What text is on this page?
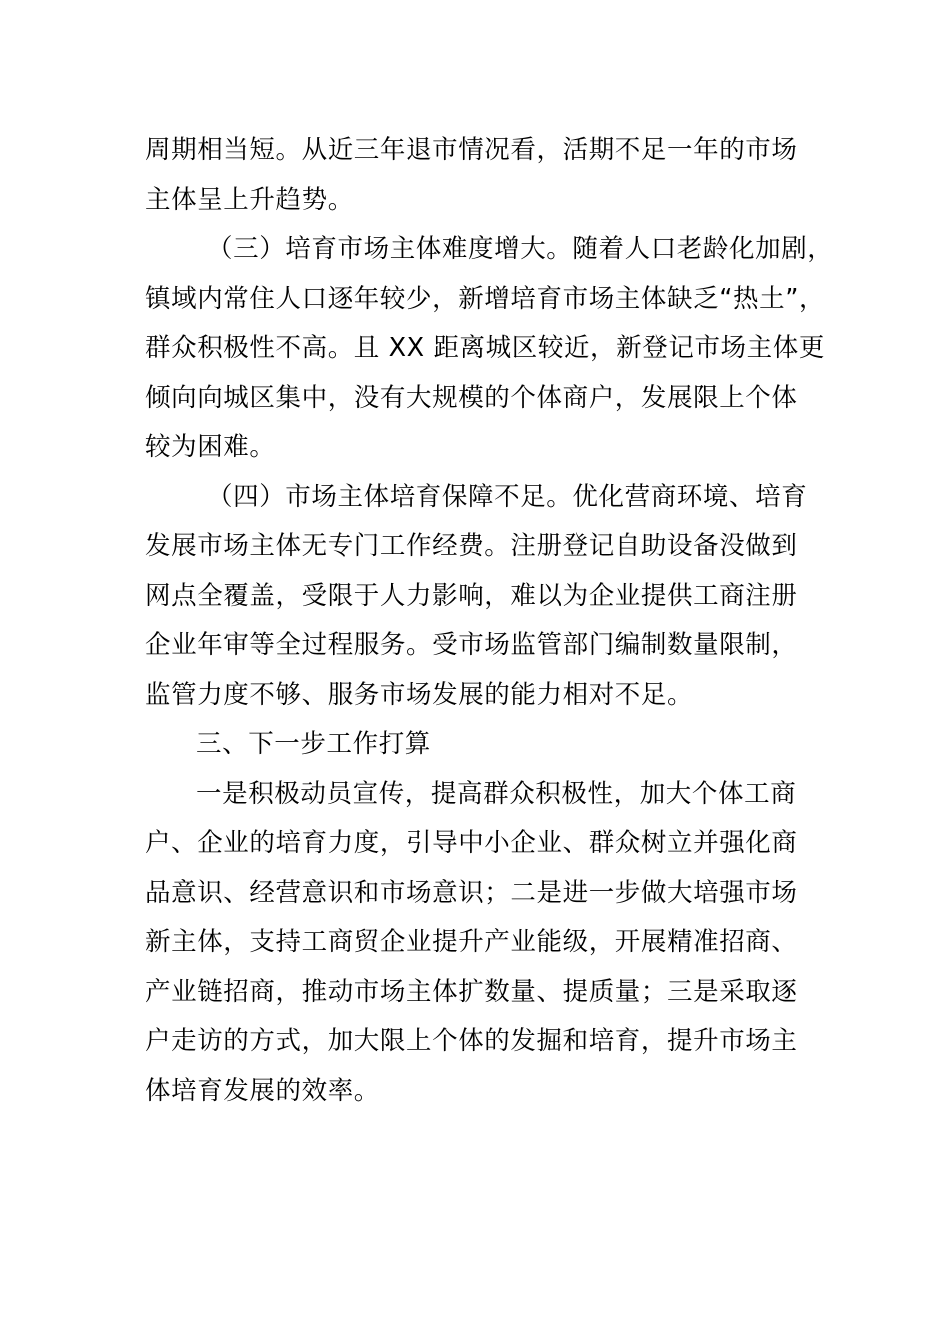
周期相当短。从近三年退市情况看，活期不足一年的市场
主体呈上升趋势。
（三）培育市场主体难度增大。随着人口老龄化加剧，
镇域内常住人口逐年较少，新增培育市场主体缺乏“热土”，
群众积极性不高。且 XX 距离城区较近，新登记市场主体更
倾向向城区集中，没有大规模的个体商户，发展限上个体
较为困难。
（四）市场主体培育保障不足。优化营商环境、培育
发展市场主体无专门工作经费。注册登记自助设备没做到
网点全覆盖，受限于人力影响，难以为企业提供工商注册
企业年审等全过程服务。受市场监管部门编制数量限制，
监管力度不够、服务市场发展的能力相对不足。
三、下一步工作打算
一是积极动员宣传，提高群众积极性，加大个体工商
户、企业的培育力度，引导中小企业、群众树立并强化商
品意识、经营意识和市场意识；二是进一步做大培强市场
新主体，支持工商贸企业提升产业能级，开展精准招商、
产业链招商，推动市场主体扩数量、提质量；三是采取逐
户走访的方式，加大限上个体的发掘和培育，提升市场主
体培育发展的效率。
